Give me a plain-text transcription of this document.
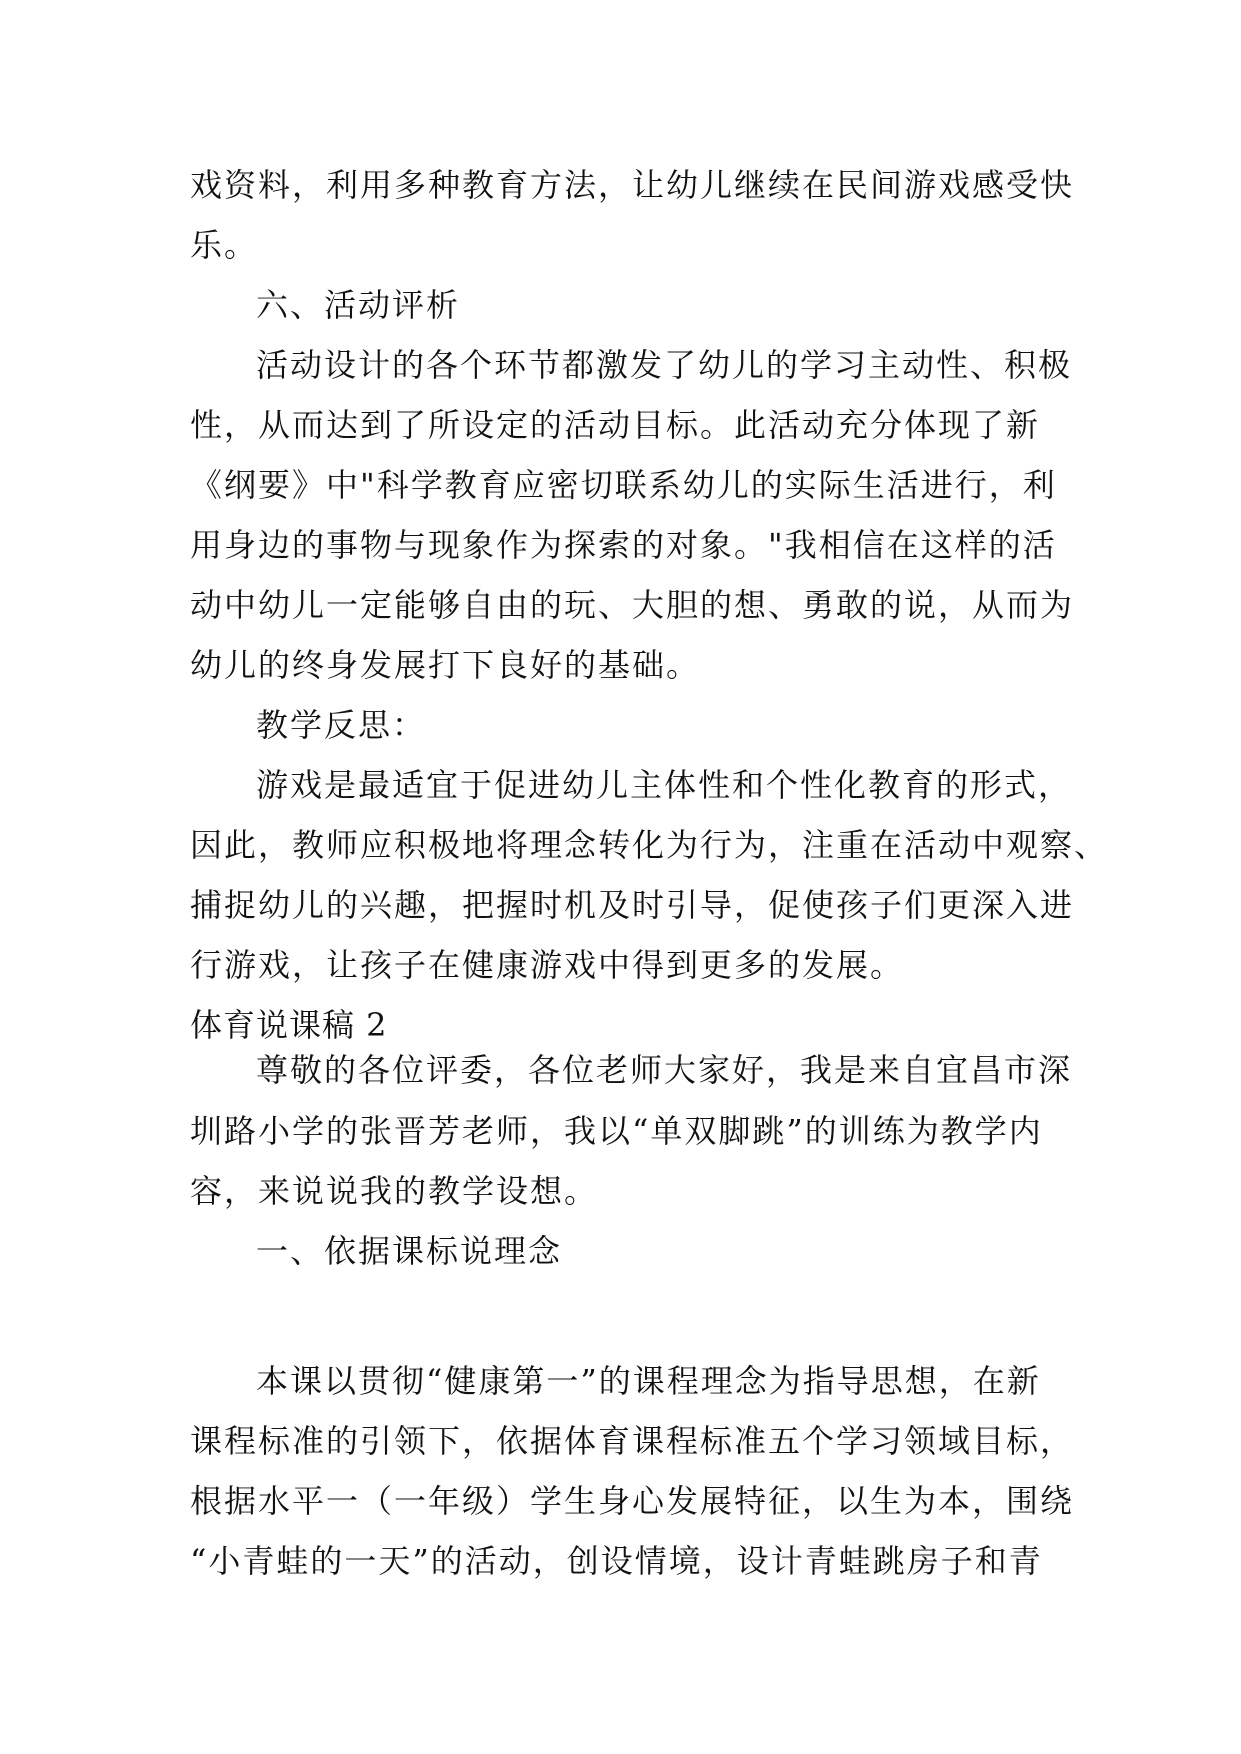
戏资料，利用多种教育方法，让幼儿继续在民间游戏感受快
乐。
六、活动评析
活动设计的各个环节都激发了幼儿的学习主动性、积极
性，从而达到了所设定的活动目标。此活动充分体现了新
《纲要》中"科学教育应密切联系幼儿的实际生活进行，利
用身边的事物与现象作为探索的对象。"我相信在这样的活
动中幼儿一定能够自由的玩、大胆的想、勇敢的说，从而为
幼儿的终身发展打下良好的基础。
教学反思：
游戏是最适宜于促进幼儿主体性和个性化教育的形式，
因此，教师应积极地将理念转化为行为，注重在活动中观察、
捕捉幼儿的兴趣，把握时机及时引导，促使孩子们更深入进
行游戏，让孩子在健康游戏中得到更多的发展。
体育说课稿 2
尊敬的各位评委，各位老师大家好，我是来自宜昌市深
圳路小学的张晋芳老师，我以“单双脚跳”的训练为教学内
容，来说说我的教学设想。
一、依据课标说理念
本课以贯彻“健康第一”的课程理念为指导思想，在新
课程标准的引领下，依据体育课程标准五个学习领域目标，
根据水平一（一年级）学生身心发展特征，以生为本，围绕
“小青蛙的一天”的活动，创设情境，设计青蛙跳房子和青
